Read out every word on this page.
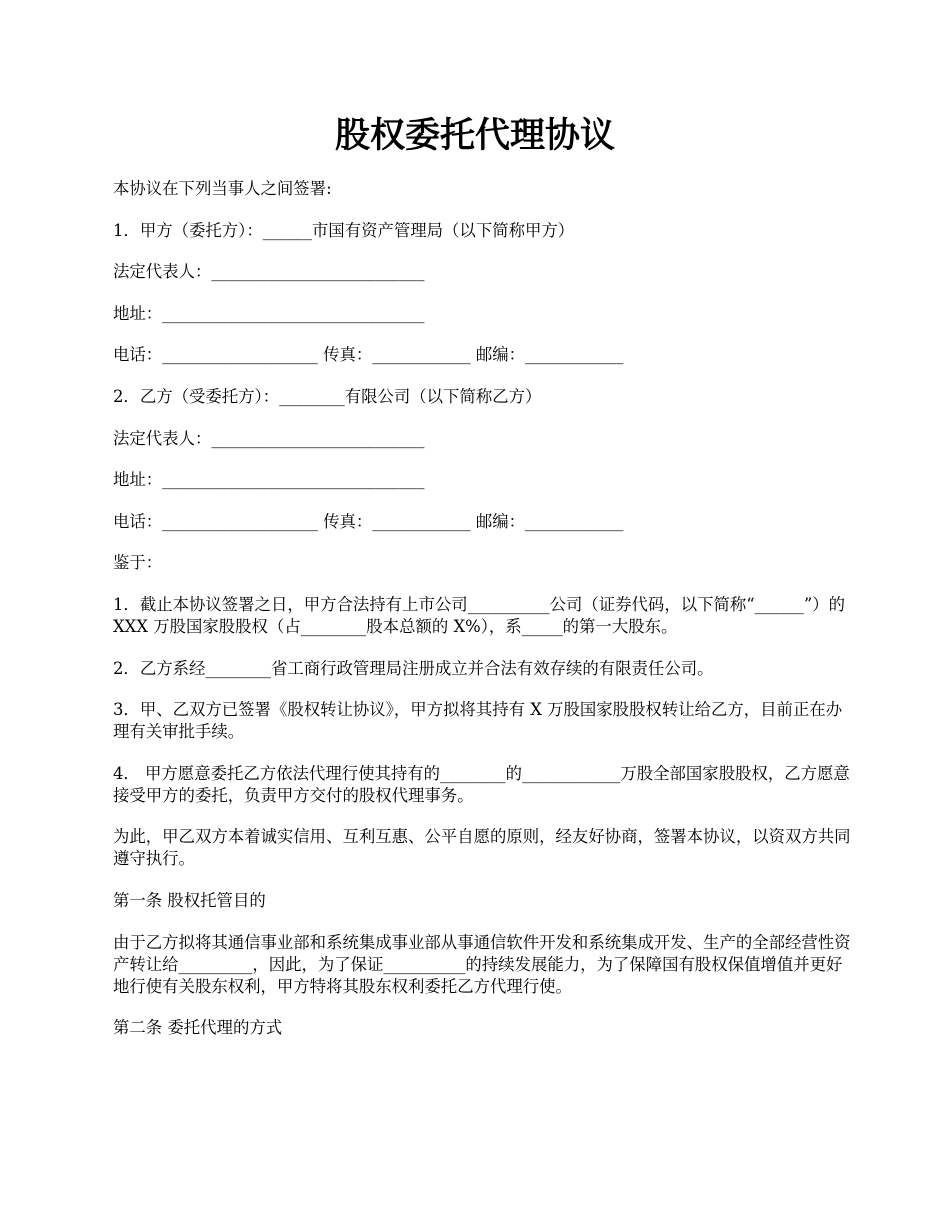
股权委托代理协议

本协议在下列当事人之间签署:

1．甲方（委托方）：______市国有资产管理局（以下简称甲方）

法定代表人：__________________________

地址：________________________________

电话：___________________ 传真：____________ 邮编：____________

2．乙方（受委托方）：________有限公司（以下简称乙方）

法定代表人：__________________________

地址：________________________________

电话：___________________ 传真：____________ 邮编：____________

鉴于：

1．截止本协议签署之日，甲方合法持有上市公司__________公司（证券代码，以下简称“______”）的 XXX 万股国家股股权（占________股本总额的 X%），系_____的第一大股东。

2．乙方系经________省工商行政管理局注册成立并合法有效存续的有限责任公司。

3．甲、乙双方已签署《股权转让协议》，甲方拟将其持有 X 万股国家股股权转让给乙方，目前正在办理有关审批手续。

4． 甲方愿意委托乙方依法代理行使其持有的________的____________万股全部国家股股权，乙方愿意接受甲方的委托，负责甲方交付的股权代理事务。

为此，甲乙双方本着诚实信用、互利互惠、公平自愿的原则，经友好协商，签署本协议，以资双方共同遵守执行。

第一条 股权托管目的

由于乙方拟将其通信事业部和系统集成事业部从事通信软件开发和系统集成开发、生产的全部经营性资产转让给_________，因此，为了保证__________的持续发展能力，为了保障国有股权保值增值并更好地行使有关股东权利，甲方特将其股东权利委托乙方代理行使。

第二条 委托代理的方式
